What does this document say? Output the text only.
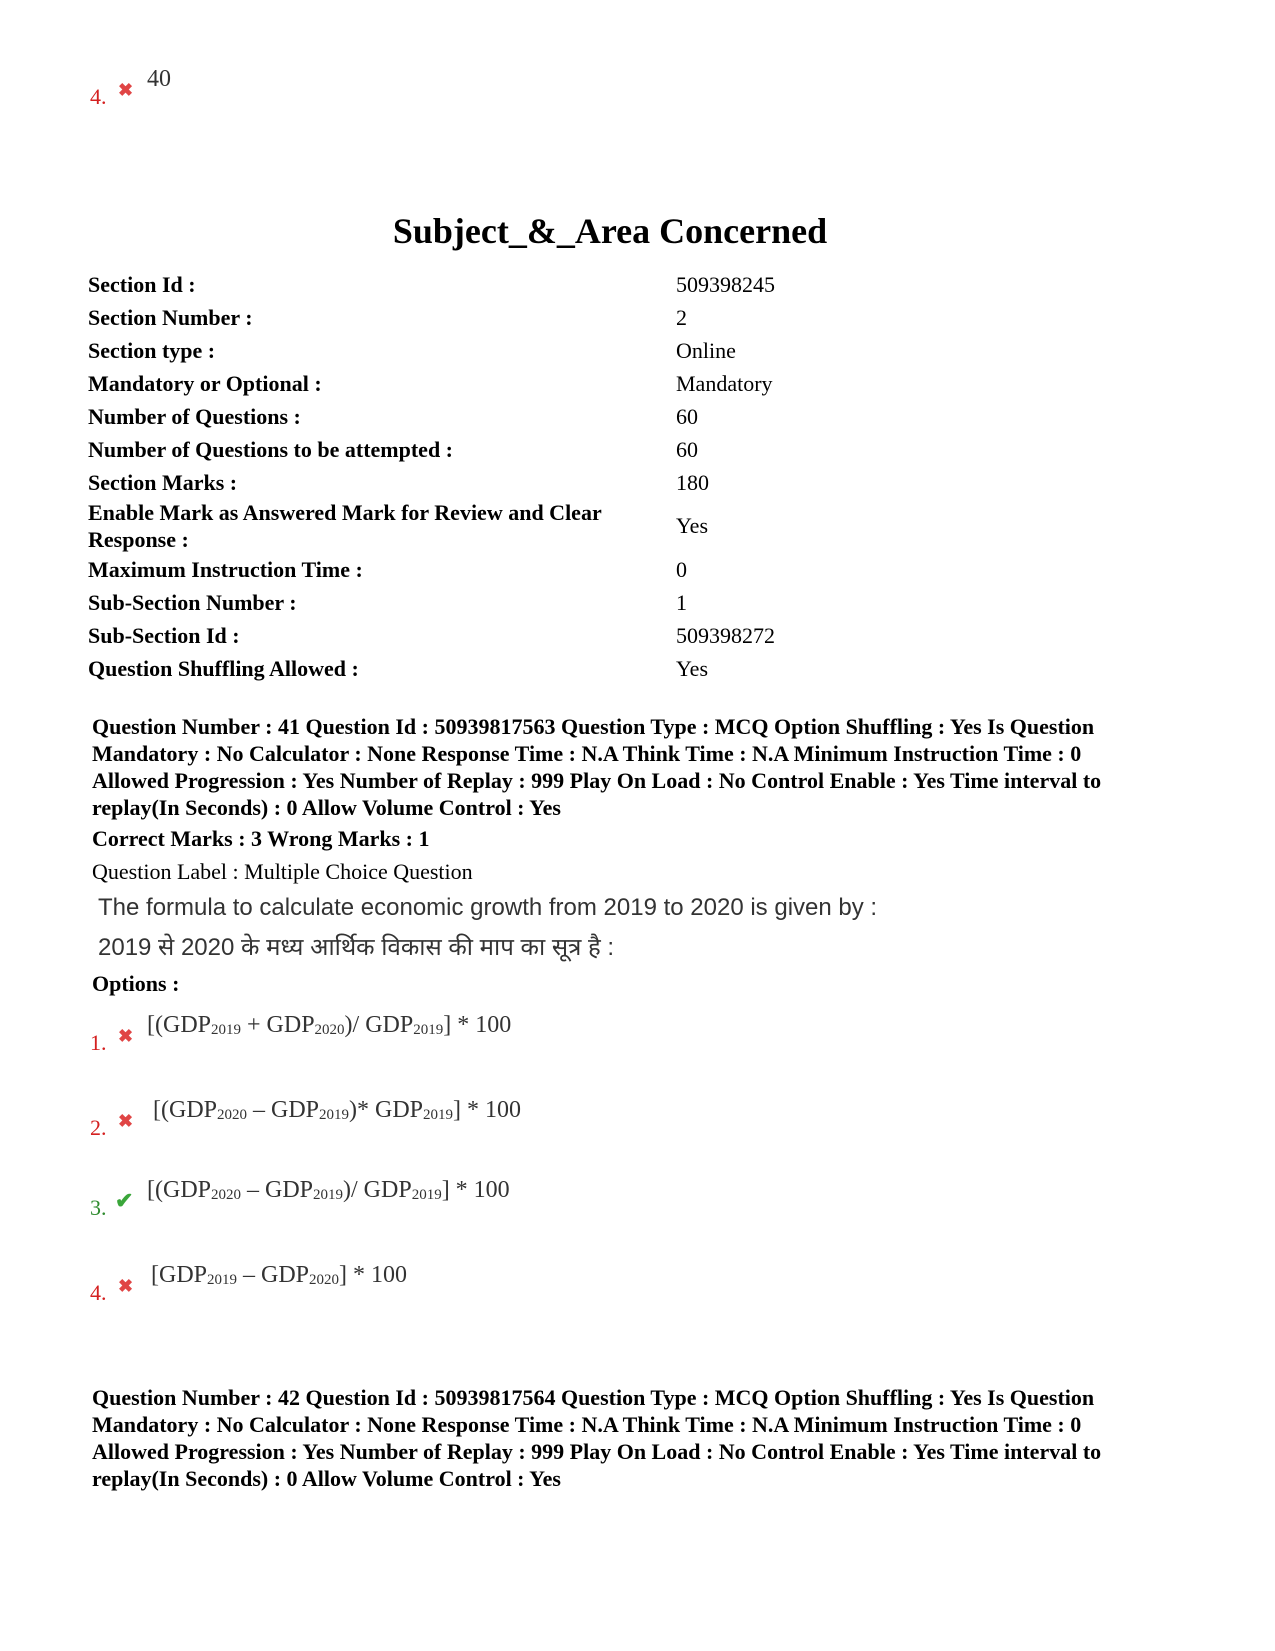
4. ✖ 40
Subject_&_Area Concerned
Section Id :	509398245
Section Number :	2
Section type :	Online
Mandatory or Optional :	Mandatory
Number of Questions :	60
Number of Questions to be attempted :	60
Section Marks :	180
Enable Mark as Answered Mark for Review and Clear Response :	Yes
Maximum Instruction Time :	0
Sub-Section Number :	1
Sub-Section Id :	509398272
Question Shuffling Allowed :	Yes
Question Number : 41 Question Id : 50939817563 Question Type : MCQ Option Shuffling : Yes Is Question Mandatory : No Calculator : None Response Time : N.A Think Time : N.A Minimum Instruction Time : 0 Allowed Progression : Yes Number of Replay : 999 Play On Load : No Control Enable : Yes Time interval to replay(In Seconds) : 0 Allow Volume Control : Yes
Correct Marks : 3 Wrong Marks : 1
Question Label : Multiple Choice Question
The formula to calculate economic growth from 2019 to 2020 is given by :
2019 से 2020 के मध्य आर्थिक विकास की माप का सूत्र है :
Options :
1. ✖ [$(GDP_{2019} + GDP_{2020})/$ $GDP_{2019}] * 100$
2. ✖ [$(GDP_{2020} - GDP_{2019})*$ $GDP_{2019}] * 100$
3. ✔ [$(GDP_{2020} - GDP_{2019})/$ $GDP_{2019}] * 100$
4. ✖ $[GDP_{2019} - GDP_{2020}] * 100$
Question Number : 42 Question Id : 50939817564 Question Type : MCQ Option Shuffling : Yes Is Question Mandatory : No Calculator : None Response Time : N.A Think Time : N.A Minimum Instruction Time : 0 Allowed Progression : Yes Number of Replay : 999 Play On Load : No Control Enable : Yes Time interval to replay(In Seconds) : 0 Allow Volume Control : Yes
